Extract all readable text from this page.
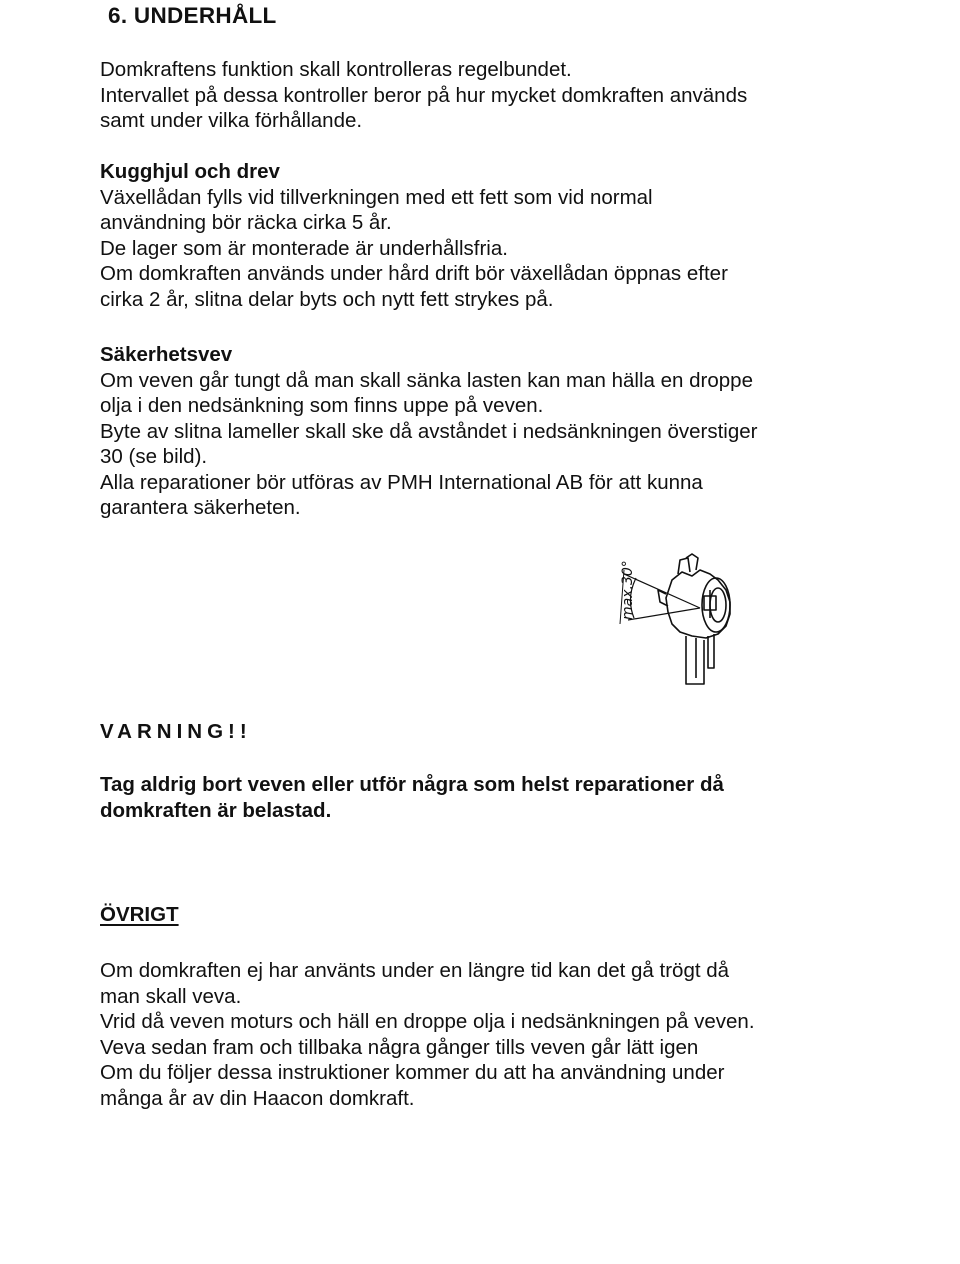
6. UNDERHÅLL
Domkraftens funktion skall kontrolleras regelbundet.
Intervallet på dessa kontroller beror på hur mycket domkraften används
samt under vilka förhållande.
Kugghjul och drev
Växellådan fylls vid tillverkningen med ett fett som vid normal
användning bör räcka cirka 5 år.
De lager som är monterade är underhållsfria.
Om domkraften används under hård drift bör växellådan öppnas efter
cirka 2 år, slitna delar byts och nytt fett strykes på.
Säkerhetsvev
Om veven går tungt då man skall sänka lasten kan man hälla en droppe
olja i den nedsänkning som finns uppe på veven.
Byte av slitna lameller skall ske då avståndet i nedsänkningen överstiger
30 (se bild).
Alla reparationer bör utföras av PMH International AB för att kunna
garantera säkerheten.
max.30°
VARNING!!
Tag aldrig bort veven eller utför några som helst reparationer då
domkraften är belastad.
ÖVRIGT
Om domkraften ej har använts under en längre tid kan det gå trögt då
man skall veva.
Vrid då veven moturs och häll en droppe olja i nedsänkningen på veven.
Veva sedan fram och tillbaka några gånger tills veven går lätt igen
Om du följer dessa instruktioner kommer du att ha användning under
många år av din Haacon domkraft.
